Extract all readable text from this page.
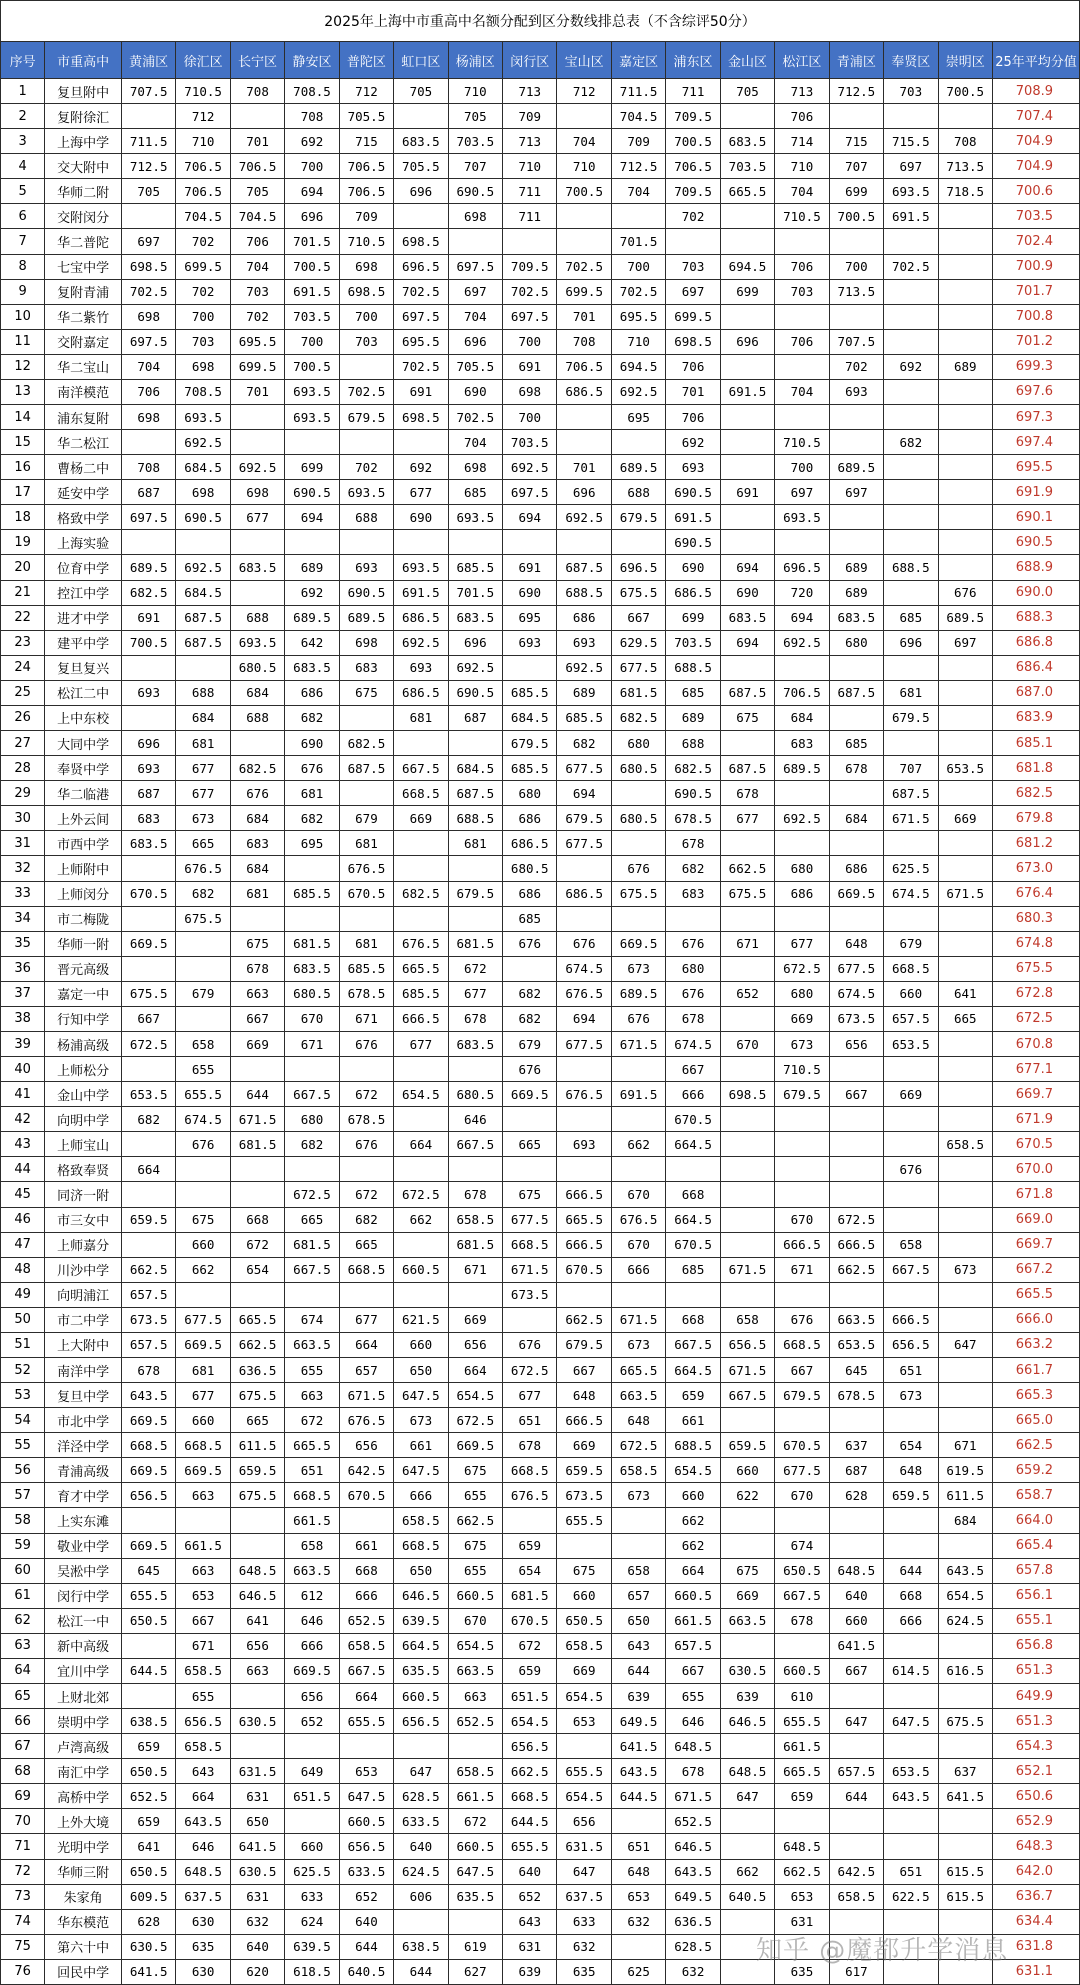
2025年上海中市重高中名额分配到区分数线排总表（不含综评50分）																		
序号	市重高中	黄浦区	徐汇区	长宁区	静安区	普陀区	虹口区	杨浦区	闵行区	宝山区	嘉定区	浦东区	金山区	松江区	青浦区	奉贤区	崇明区	25年平均分值
1	复旦附中	707.5	710.5	708	708.5	712	705	710	713	712	711.5	711	705	713	712.5	703	700.5	708.9
2	复附徐汇		712		708	705.5		705	709		704.5	709.5		706				707.4
3	上海中学	711.5	710	701	692	715	683.5	703.5	713	704	709	700.5	683.5	714	715	715.5	708	704.9
4	交大附中	712.5	706.5	706.5	700	706.5	705.5	707	710	710	712.5	706.5	703.5	710	707	697	713.5	704.9
5	华师二附	705	706.5	705	694	706.5	696	690.5	711	700.5	704	709.5	665.5	704	699	693.5	718.5	700.6
6	交附闵分		704.5	704.5	696	709		698	711			702		710.5	700.5	691.5		703.5
7	华二普陀	697	702	706	701.5	710.5	698.5				701.5							702.4
8	七宝中学	698.5	699.5	704	700.5	698	696.5	697.5	709.5	702.5	700	703	694.5	706	700	702.5		700.9
9	复附青浦	702.5	702	703	691.5	698.5	702.5	697	702.5	699.5	702.5	697	699	703	713.5			701.7
10	华二紫竹	698	700	702	703.5	700	697.5	704	697.5	701	695.5	699.5						700.8
11	交附嘉定	697.5	703	695.5	700	703	695.5	696	700	708	710	698.5	696	706	707.5			701.2
12	华二宝山	704	698	699.5	700.5		702.5	705.5	691	706.5	694.5	706			702	692	689	699.3
13	南洋模范	706	708.5	701	693.5	702.5	691	690	698	686.5	692.5	701	691.5	704	693			697.6
14	浦东复附	698	693.5		693.5	679.5	698.5	702.5	700		695	706						697.3
15	华二松江		692.5					704	703.5			692		710.5		682		697.4
16	曹杨二中	708	684.5	692.5	699	702	692	698	692.5	701	689.5	693		700	689.5			695.5
17	延安中学	687	698	698	690.5	693.5	677	685	697.5	696	688	690.5	691	697	697			691.9
18	格致中学	697.5	690.5	677	694	688	690	693.5	694	692.5	679.5	691.5		693.5				690.1
19	上海实验											690.5						690.5
20	位育中学	689.5	692.5	683.5	689	693	693.5	685.5	691	687.5	696.5	690	694	696.5	689	688.5		688.9
21	控江中学	682.5	684.5		692	690.5	691.5	701.5	690	688.5	675.5	686.5	690	720	689		676	690.0
22	进才中学	691	687.5	688	689.5	689.5	686.5	683.5	695	686	667	699	683.5	694	683.5	685	689.5	688.3
23	建平中学	700.5	687.5	693.5	642	698	692.5	696	693	693	629.5	703.5	694	692.5	680	696	697	686.8
24	复旦复兴			680.5	683.5	683	693	692.5		692.5	677.5	688.5						686.4
25	松江二中	693	688	684	686	675	686.5	690.5	685.5	689	681.5	685	687.5	706.5	687.5	681		687.0
26	上中东校		684	688	682		681	687	684.5	685.5	682.5	689	675	684		679.5		683.9
27	大同中学	696	681		690	682.5			679.5	682	680	688		683	685			685.1
28	奉贤中学	693	677	682.5	676	687.5	667.5	684.5	685.5	677.5	680.5	682.5	687.5	689.5	678	707	653.5	681.8
29	华二临港	687	677	676	681		668.5	687.5	680	694		690.5	678			687.5		682.5
30	上外云间	683	673	684	682	679	669	688.5	686	679.5	680.5	678.5	677	692.5	684	671.5	669	679.8
31	市西中学	683.5	665	683	695	681		681	686.5	677.5		678						681.2
32	上师附中		676.5	684		676.5			680.5		676	682	662.5	680	686	625.5		673.0
33	上师闵分	670.5	682	681	685.5	670.5	682.5	679.5	686	686.5	675.5	683	675.5	686	669.5	674.5	671.5	676.4
34	市二梅陇		675.5						685									680.3
35	华师一附	669.5		675	681.5	681	676.5	681.5	676	676	669.5	676	671	677	648	679		674.8
36	晋元高级			678	683.5	685.5	665.5	672		674.5	673	680		672.5	677.5	668.5		675.5
37	嘉定一中	675.5	679	663	680.5	678.5	685.5	677	682	676.5	689.5	676	652	680	674.5	660	641	672.8
38	行知中学	667		667	670	671	666.5	678	682	694	676	678		669	673.5	657.5	665	672.5
39	杨浦高级	672.5	658	669	671	676	677	683.5	679	677.5	671.5	674.5	670	673	656	653.5		670.8
40	上师松分		655						676			667		710.5				677.1
41	金山中学	653.5	655.5	644	667.5	672	654.5	680.5	669.5	676.5	691.5	666	698.5	679.5	667	669		669.7
42	向明中学	682	674.5	671.5	680	678.5		646				670.5						671.9
43	上师宝山		676	681.5	682	676	664	667.5	665	693	662	664.5					658.5	670.5
44	格致奉贤	664														676		670.0
45	同济一附				672.5	672	672.5	678	675	666.5	670	668						671.8
46	市三女中	659.5	675	668	665	682	662	658.5	677.5	665.5	676.5	664.5		670	672.5			669.0
47	上师嘉分		660	672	681.5	665		681.5	668.5	666.5	670	670.5		666.5	666.5	658		669.7
48	川沙中学	662.5	662	654	667.5	668.5	660.5	671	671.5	670.5	666	685	671.5	671	662.5	667.5	673	667.2
49	向明浦江	657.5							673.5									665.5
50	市二中学	673.5	677.5	665.5	674	677	621.5	669		662.5	671.5	668	658	676	663.5	666.5		666.0
51	上大附中	657.5	669.5	662.5	663.5	664	660	656	676	679.5	673	667.5	656.5	668.5	653.5	656.5	647	663.2
52	南洋中学	678	681	636.5	655	657	650	664	672.5	667	665.5	664.5	671.5	667	645	651		661.7
53	复旦中学	643.5	677	675.5	663	671.5	647.5	654.5	677	648	663.5	659	667.5	679.5	678.5	673		665.3
54	市北中学	669.5	660	665	672	676.5	673	672.5	651	666.5	648	661						665.0
55	洋泾中学	668.5	668.5	611.5	665.5	656	661	669.5	678	669	672.5	688.5	659.5	670.5	637	654	671	662.5
56	青浦高级	669.5	669.5	659.5	651	642.5	647.5	675	668.5	659.5	658.5	654.5	660	677.5	687	648	619.5	659.2
57	育才中学	656.5	663	675.5	668.5	670.5	666	655	676.5	673.5	673	660	622	670	628	659.5	611.5	658.7
58	上实东滩				661.5		658.5	662.5		655.5		662					684	664.0
59	敬业中学	669.5	661.5		658	661	668.5	675	659			662		674				665.4
60	吴淞中学	645	663	648.5	663.5	668	650	655	654	675	658	664	675	650.5	648.5	644	643.5	657.8
61	闵行中学	655.5	653	646.5	612	666	646.5	660.5	681.5	660	657	660.5	669	667.5	640	668	654.5	656.1
62	松江一中	650.5	667	641	646	652.5	639.5	670	670.5	650.5	650	661.5	663.5	678	660	666	624.5	655.1
63	新中高级		671	656	666	658.5	664.5	654.5	672	658.5	643	657.5			641.5			656.8
64	宜川中学	644.5	658.5	663	669.5	667.5	635.5	663.5	659	669	644	667	630.5	660.5	667	614.5	616.5	651.3
65	上财北郊		655		656	664	660.5	663	651.5	654.5	639	655	639	610				649.9
66	崇明中学	638.5	656.5	630.5	652	655.5	656.5	652.5	654.5	653	649.5	646	646.5	655.5	647	647.5	675.5	651.3
67	卢湾高级	659	658.5						656.5		641.5	648.5		661.5				654.3
68	南汇中学	650.5	643	631.5	649	653	647	658.5	662.5	655.5	643.5	678	648.5	665.5	657.5	653.5	637	652.1
69	高桥中学	652.5	664	631	651.5	647.5	628.5	661.5	668.5	654.5	644.5	671.5	647	659	644	643.5	641.5	650.6
70	上外大境	659	643.5	650		660.5	633.5	672	644.5	656		652.5						652.9
71	光明中学	641	646	641.5	660	656.5	640	660.5	655.5	631.5	651	646.5		648.5				648.3
72	华师三附	650.5	648.5	630.5	625.5	633.5	624.5	647.5	640	647	648	643.5	662	662.5	642.5	651	615.5	642.0
73	朱家角	609.5	637.5	631	633	652	606	635.5	652	637.5	653	649.5	640.5	653	658.5	622.5	615.5	636.7
74	华东模范	628	630	632	624	640			643	633	632	636.5		631				634.4
75	第六十中	630.5	635	640	639.5	644	638.5	619	631	632		628.5						631.8
76	回民中学	641.5	630	620	618.5	640.5	644	627	639	635	625	632		635	617			631.1
知乎 @魔都升学消息
